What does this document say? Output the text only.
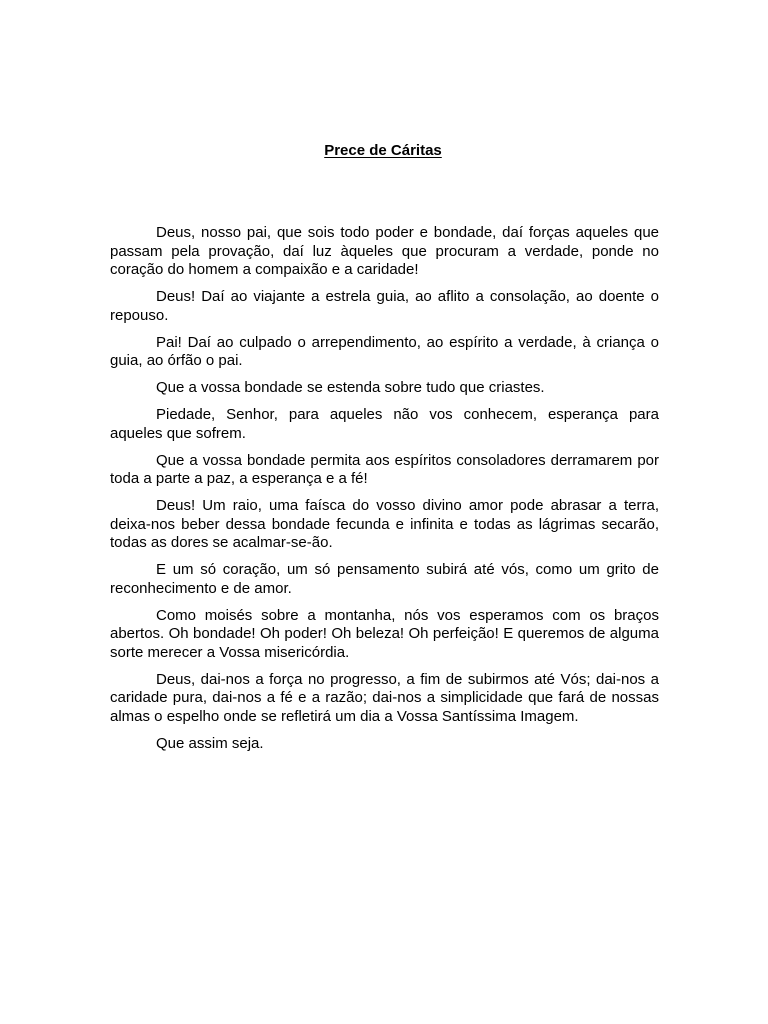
Prece de Cáritas

Deus, nosso pai, que sois todo poder e bondade, daí forças aqueles que passam pela provação, daí luz àqueles que procuram a verdade, ponde no coração do homem a compaixão e a caridade!

Deus! Daí ao viajante a estrela guia, ao aflito a consolação, ao doente o repouso.

Pai! Daí ao culpado o arrependimento, ao espírito a verdade, à criança o guia, ao órfão o pai.

Que a vossa bondade se estenda sobre tudo que criastes.

Piedade, Senhor, para aqueles não vos conhecem, esperança para aqueles que sofrem.

Que a vossa bondade permita aos espíritos consoladores derramarem por toda a parte a paz, a esperança e a fé!

Deus! Um raio, uma faísca do vosso divino amor pode abrasar a terra, deixa-nos beber dessa bondade fecunda e infinita e todas as lágrimas secarão, todas as dores se acalmar-se-ão.

E um só coração, um só pensamento subirá até vós, como um grito de reconhecimento e de amor.

Como moisés sobre a montanha, nós vos esperamos com os braços abertos. Oh bondade! Oh poder! Oh beleza! Oh perfeição! E queremos de alguma sorte merecer a Vossa misericórdia.

Deus, dai-nos a força no progresso, a fim de subirmos até Vós; dai-nos a caridade pura, dai-nos a fé e a razão; dai-nos a simplicidade que fará de nossas almas o espelho onde se refletirá um dia a Vossa Santíssima Imagem.

Que assim seja.
